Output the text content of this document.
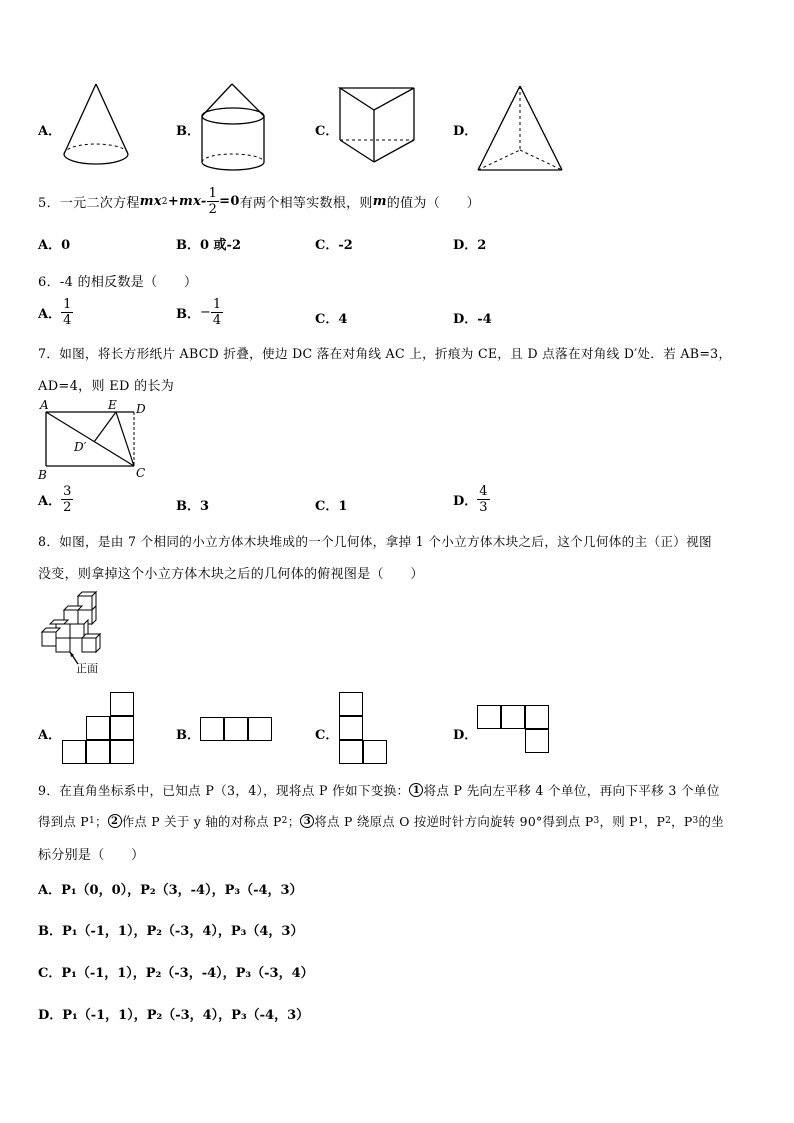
A．	B．	C．	D．
5． 一元二次方程 mx $2 +mx- \frac{1}{2} =0$ 有两个相等实数根，则 m 的值为（　　）
A．0	B．0 或-2	C．-2	D．2
6．-4 的相反数是（　　）
A． $\frac{1}{4}$	B． − $\frac{1}{4}$	C．4	D．-4
7．如图，将长方形纸片 ABCD 折叠，使边 DC 落在对角线 AC 上，折痕为 CE，且 D 点落在对角线 D′处．若 AB=3，
AD=4，则 ED 的长为
A	E D
B	C
D′
A． $\frac{3}{2}$	B．3	C．1	D． $\frac{4}{3}$
8．如图，是由 7 个相同的小立方体木块堆成的一个几何体，拿掉 1 个小立方体木块之后，这个几何体的主（正）视图
没变，则拿掉这个小立方体木块之后的几何体的俯视图是（　　）
正面
A．	B．	C．	D．
9．在直角坐标系中，已知点 P（3，4），现将点 P 作如下变换： 1 将点 P 先向左平移 4 个单位，再向下平移 3 个单位
得到点 P 1 ； 2 作点 P 关于 y 轴的对称点 P 2 ； 3 将点 P 绕原点 O 按逆时针方向旋转 90°得到点 P 3 ，则 P 1 ，P 2 ，P 3 的坐
标分别是（　　）
A．P₁（0，0），P₂（3，-4），P₃（-4，3）
B．P₁（-1，1），P₂（-3，4），P₃（4，3）
C．P₁（-1，1），P₂（-3，-4），P₃（-3，4）
D．P₁（-1，1），P₂（-3，4），P₃（-4，3）
